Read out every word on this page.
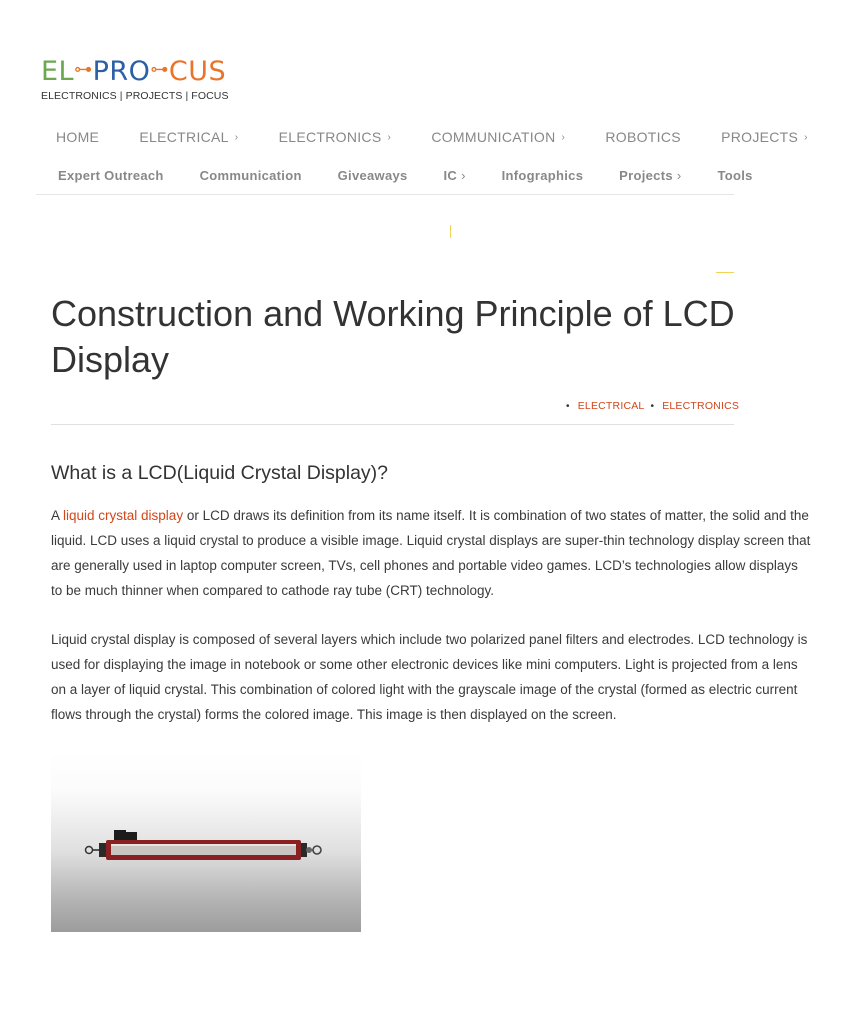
EL⊶PRO⊶CUS
ELECTRONICS | PROJECTS | FOCUS
HOME	ELECTRICAL ›	ELECTRONICS ›	COMMUNICATION ›	ROBOTICS	PROJECTS ›
Expert Outreach	Communication	Giveaways	IC ›	Infographics	Projects ›	Tools
Construction and Working Principle of LCD Display
• ELECTRICAL • ELECTRONICS
What is a LCD(Liquid Crystal Display)?

A liquid crystal display or LCD draws its definition from its name itself. It is combination of two states of matter, the solid and the liquid. LCD uses a liquid crystal to produce a visible image. Liquid crystal displays are super-thin technology display screen that are generally used in laptop computer screen, TVs, cell phones and portable video games. LCD’s technologies allow displays to be much thinner when compared to cathode ray tube (CRT) technology.

Liquid crystal display is composed of several layers which include two polarized panel filters and electrodes. LCD technology is used for displaying the image in notebook or some other electronic devices like mini computers. Light is projected from a lens on a layer of liquid crystal. This combination of colored light with the grayscale image of the crystal (formed as electric current flows through the crystal) forms the colored image. This image is then displayed on the screen.
